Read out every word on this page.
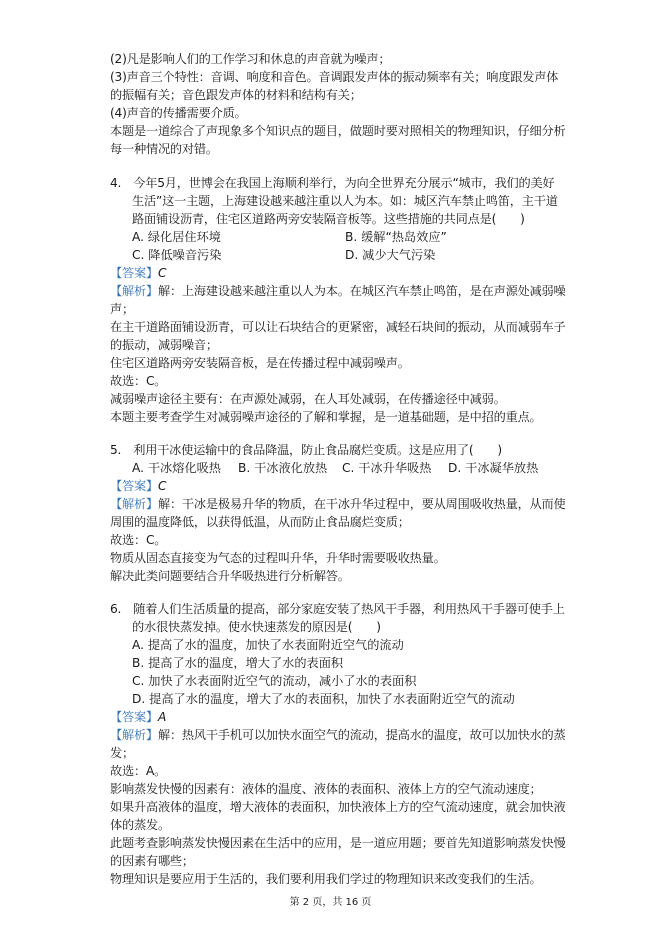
(2)凡是影响人们的工作学习和休息的声音就为噪声；
(3)声音三个特性：音调、响度和音色。音调跟发声体的振动频率有关；响度跟发声体
的振幅有关；音色跟发声体的材料和结构有关；
(4)声音的传播需要介质。
本题是一道综合了声现象多个知识点的题目，做题时要对照相关的物理知识，仔细分析
每一种情况的对错。
4.　今年5月，世博会在我国上海顺利举行，为向全世界充分展示“城市，我们的美好
生活”这一主题，上海建设越来越注重以人为本。如：城区汽车禁止鸣笛，主干道
路面铺设沥青，住宅区道路两旁安装隔音板等。这些措施的共同点是(　　)
A. 绿化居住环境	B. 缓解“热岛效应”
C. 降低噪音污染	D. 减少大气污染
【答案】C
【解析】解：上海建设越来越注重以人为本。在城区汽车禁止鸣笛，是在声源处减弱噪
声；
在主干道路面铺设沥青，可以让石块结合的更紧密，减轻石块间的振动，从而减弱车子
的振动，减弱噪音；
住宅区道路两旁安装隔音板，是在传播过程中减弱噪声。
故选：C。
减弱噪声途径主要有：在声源处减弱，在人耳处减弱，在传播途径中减弱。
本题主要考查学生对减弱噪声途径的了解和掌握，是一道基础题，是中招的重点。
5.　利用干冰使运输中的食品降温，防止食品腐烂变质。这是应用了(　　)
A. 干冰熔化吸热 B. 干冰液化放热 C. 干冰升华吸热 D. 干冰凝华放热
【答案】C
【解析】解：干冰是极易升华的物质，在干冰升华过程中，要从周围吸收热量，从而使
周围的温度降低，以获得低温，从而防止食品腐烂变质；
故选：C。
物质从固态直接变为气态的过程叫升华，升华时需要吸收热量。
解决此类问题要结合升华吸热进行分析解答。
6.　随着人们生活质量的提高，部分家庭安装了热风干手器，利用热风干手器可使手上
的水很快蒸发掉。使水快速蒸发的原因是(　　)
A. 提高了水的温度，加快了水表面附近空气的流动
B. 提高了水的温度，增大了水的表面积
C. 加快了水表面附近空气的流动，减小了水的表面积
D. 提高了水的温度，增大了水的表面积，加快了水表面附近空气的流动
【答案】A
【解析】解：热风干手机可以加快水面空气的流动，提高水的温度，故可以加快水的蒸
发；
故选：A。
影响蒸发快慢的因素有：液体的温度、液体的表面积、液体上方的空气流动速度；
如果升高液体的温度，增大液体的表面积，加快液体上方的空气流动速度，就会加快液
体的蒸发。
此题考查影响蒸发快慢因素在生活中的应用，是一道应用题；要首先知道影响蒸发快慢
的因素有哪些；
物理知识是要应用于生活的，我们要利用我们学过的物理知识来改变我们的生活。
第 2 页，共 16 页
